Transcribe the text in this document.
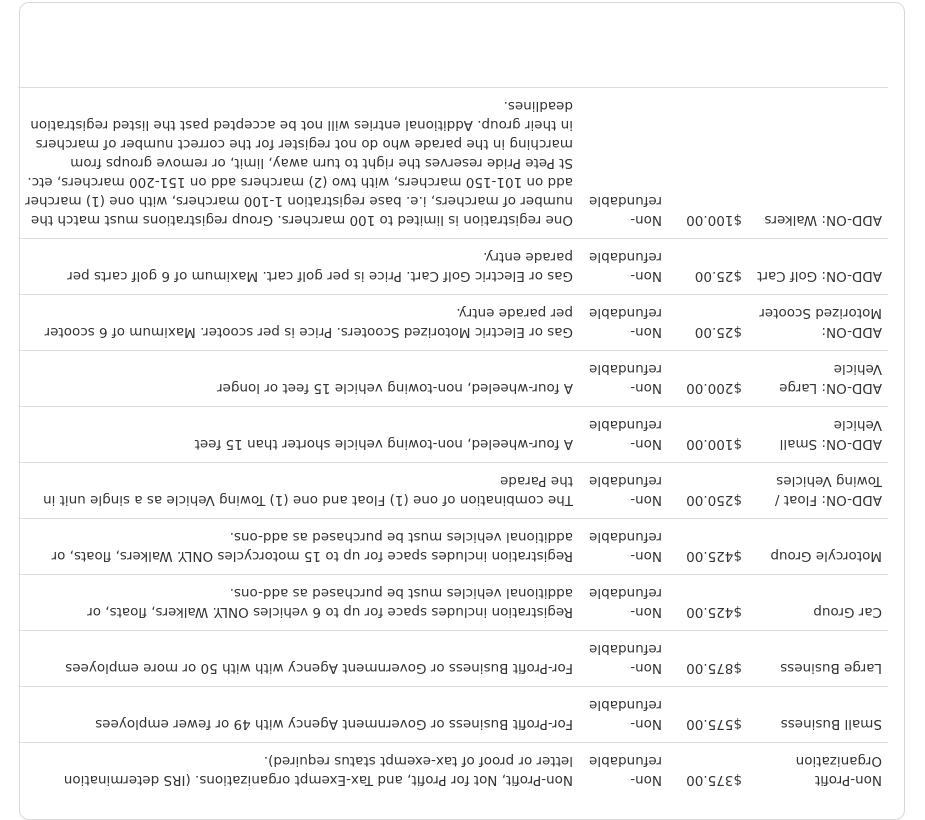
Non-Profit Organization	$375.00	Non-refundable	Non-Profit, Not for Profit, and Tax-Exempt organizations. (IRS determination letter or proof of tax-exempt status required).
Small Business	$575.00	Non-refundable	For-Profit Business or Government Agency with 49 or fewer employees
Large Business	$875.00	Non-refundable	For-Profit Business or Government Agency with with 50 or more employees
Car Group	$425.00	Non-refundable	Registration includes space for up to 6 vehicles ONLY. Walkers, floats, or additional vehicles must be purchased as add-ons.
Motorcyle Group	$425.00	Non-refundable	Registration includes space for up to 15 motorcycles ONLY. Walkers, floats, or additional vehicles must be purchased as add-ons.
ADD-ON: Float / Towing Vehicles	$250.00	Non-refundable	The combination of one (1) Float and one (1) Towing Vehicle as a single unit in the Parade
ADD-ON: Small Vehicle	$100.00	Non-refundable	A four-wheeled, non-towing vehicle shorter than 15 feet
ADD-ON: Large Vehicle	$200.00	Non-refundable	A four-wheeled, non-towing vehicle 15 feet or longer
ADD-ON: Motorized Scooter	$25.00	Non-refundable	Gas or Electric Motorized Scooters. Price is per scooter. Maximum of 6 scooter per parade entry.
ADD-ON: Golf Cart	$25.00	Non-refundable	Gas or Electric Golf Cart. Price is per golf cart. Maximum of 6 golf carts per parade entry.
ADD-ON: Walkers	$100.00	Non-refundable	One registration is limited to 100 marchers. Group registrations must match the number of marchers, i.e. base registration 1-100 marchers, with one (1) marcher add on 101-150 marchers, with two (2) marchers add on 151-200 marchers, etc. St Pete Pride reserves the right to turn away, limit, or remove groups from marching in the parade who do not register for the correct number of marchers in their group. Additional entries will not be accepted past the listed registration deadlines.
